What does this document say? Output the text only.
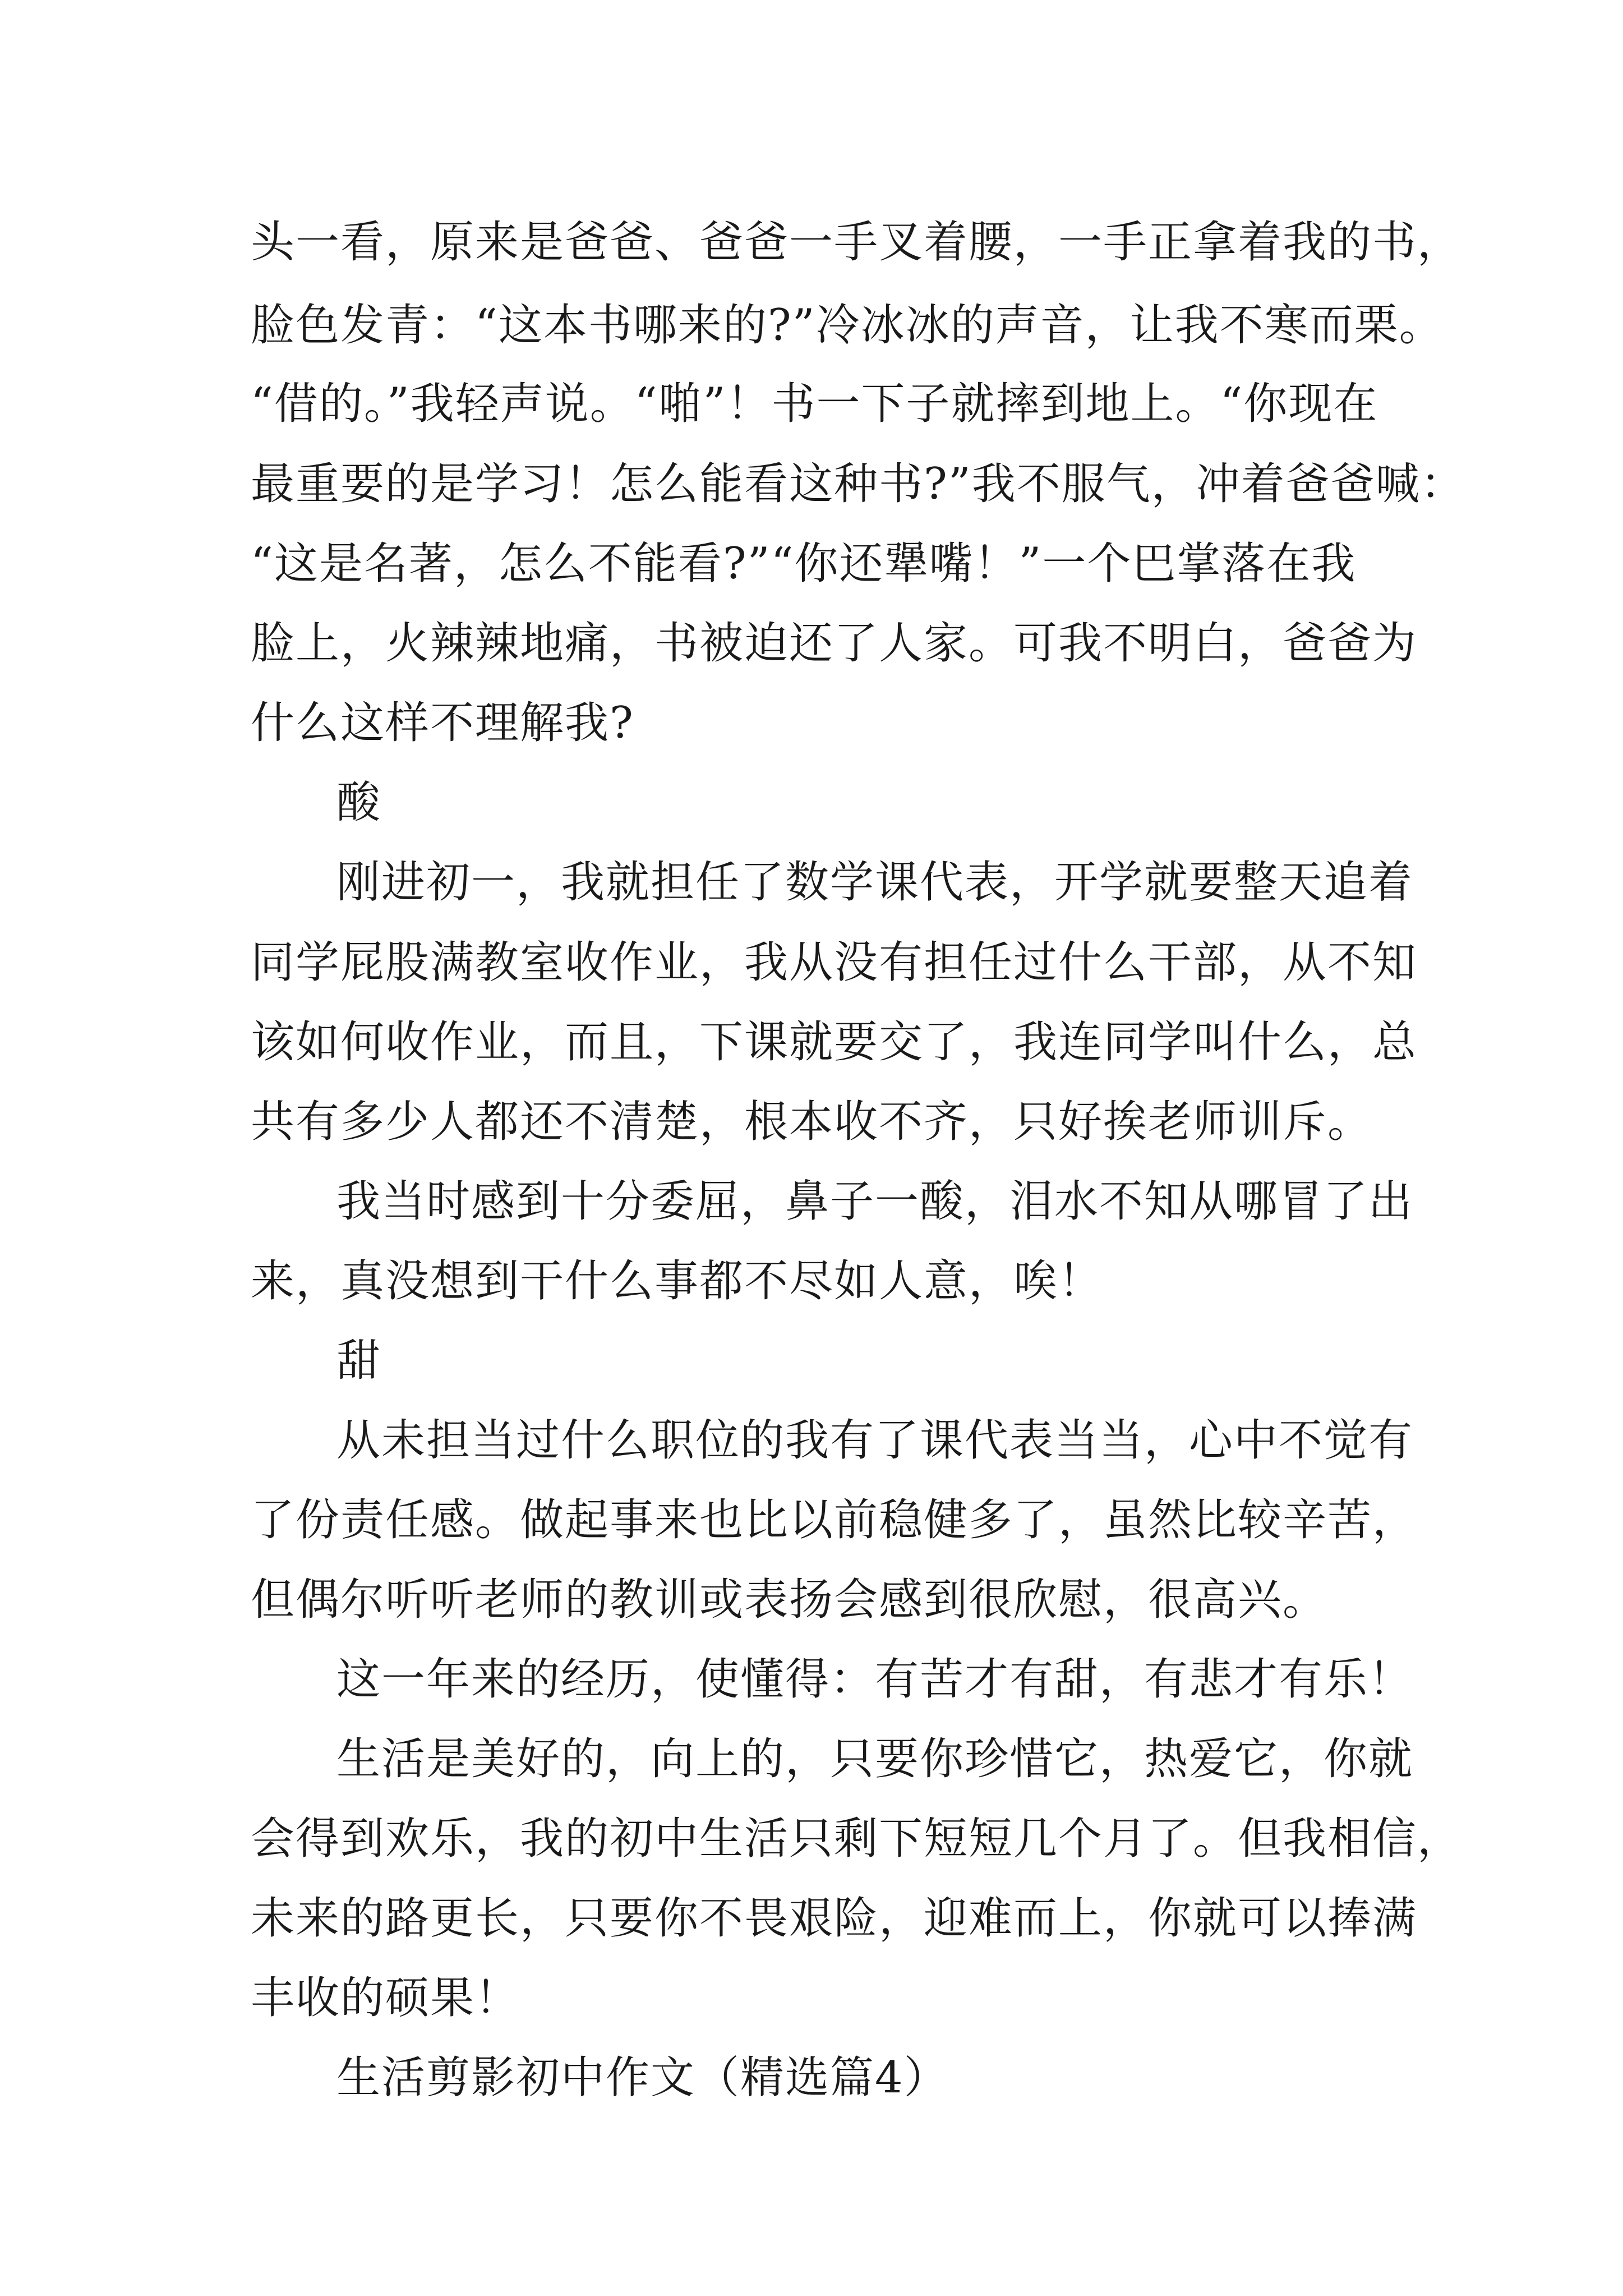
头一看，原来是爸爸、爸爸一手叉着腰，一手正拿着我的书，
脸色发青：“这本书哪来的?”冷冰冰的声音，让我不寒而栗。
“借的。”我轻声说。“啪”！书一下子就摔到地上。“你现在
最重要的是学习！怎么能看这种书?”我不服气，冲着爸爸喊：
“这是名著，怎么不能看?”“你还犟嘴！”一个巴掌落在我
脸上，火辣辣地痛，书被迫还了人家。可我不明白，爸爸为
什么这样不理解我?
酸
刚进初一，我就担任了数学课代表，开学就要整天追着
同学屁股满教室收作业，我从没有担任过什么干部，从不知
该如何收作业，而且，下课就要交了，我连同学叫什么，总
共有多少人都还不清楚，根本收不齐，只好挨老师训斥。
我当时感到十分委屈，鼻子一酸，泪水不知从哪冒了出
来，真没想到干什么事都不尽如人意，唉！
甜
从未担当过什么职位的我有了课代表当当，心中不觉有
了份责任感。做起事来也比以前稳健多了，虽然比较辛苦，
但偶尔听听老师的教训或表扬会感到很欣慰，很高兴。
这一年来的经历，使懂得：有苦才有甜，有悲才有乐！
生活是美好的，向上的，只要你珍惜它，热爱它，你就
会得到欢乐，我的初中生活只剩下短短几个月了。但我相信，
未来的路更长，只要你不畏艰险，迎难而上，你就可以捧满
丰收的硕果！
生活剪影初中作文（精选篇4）
